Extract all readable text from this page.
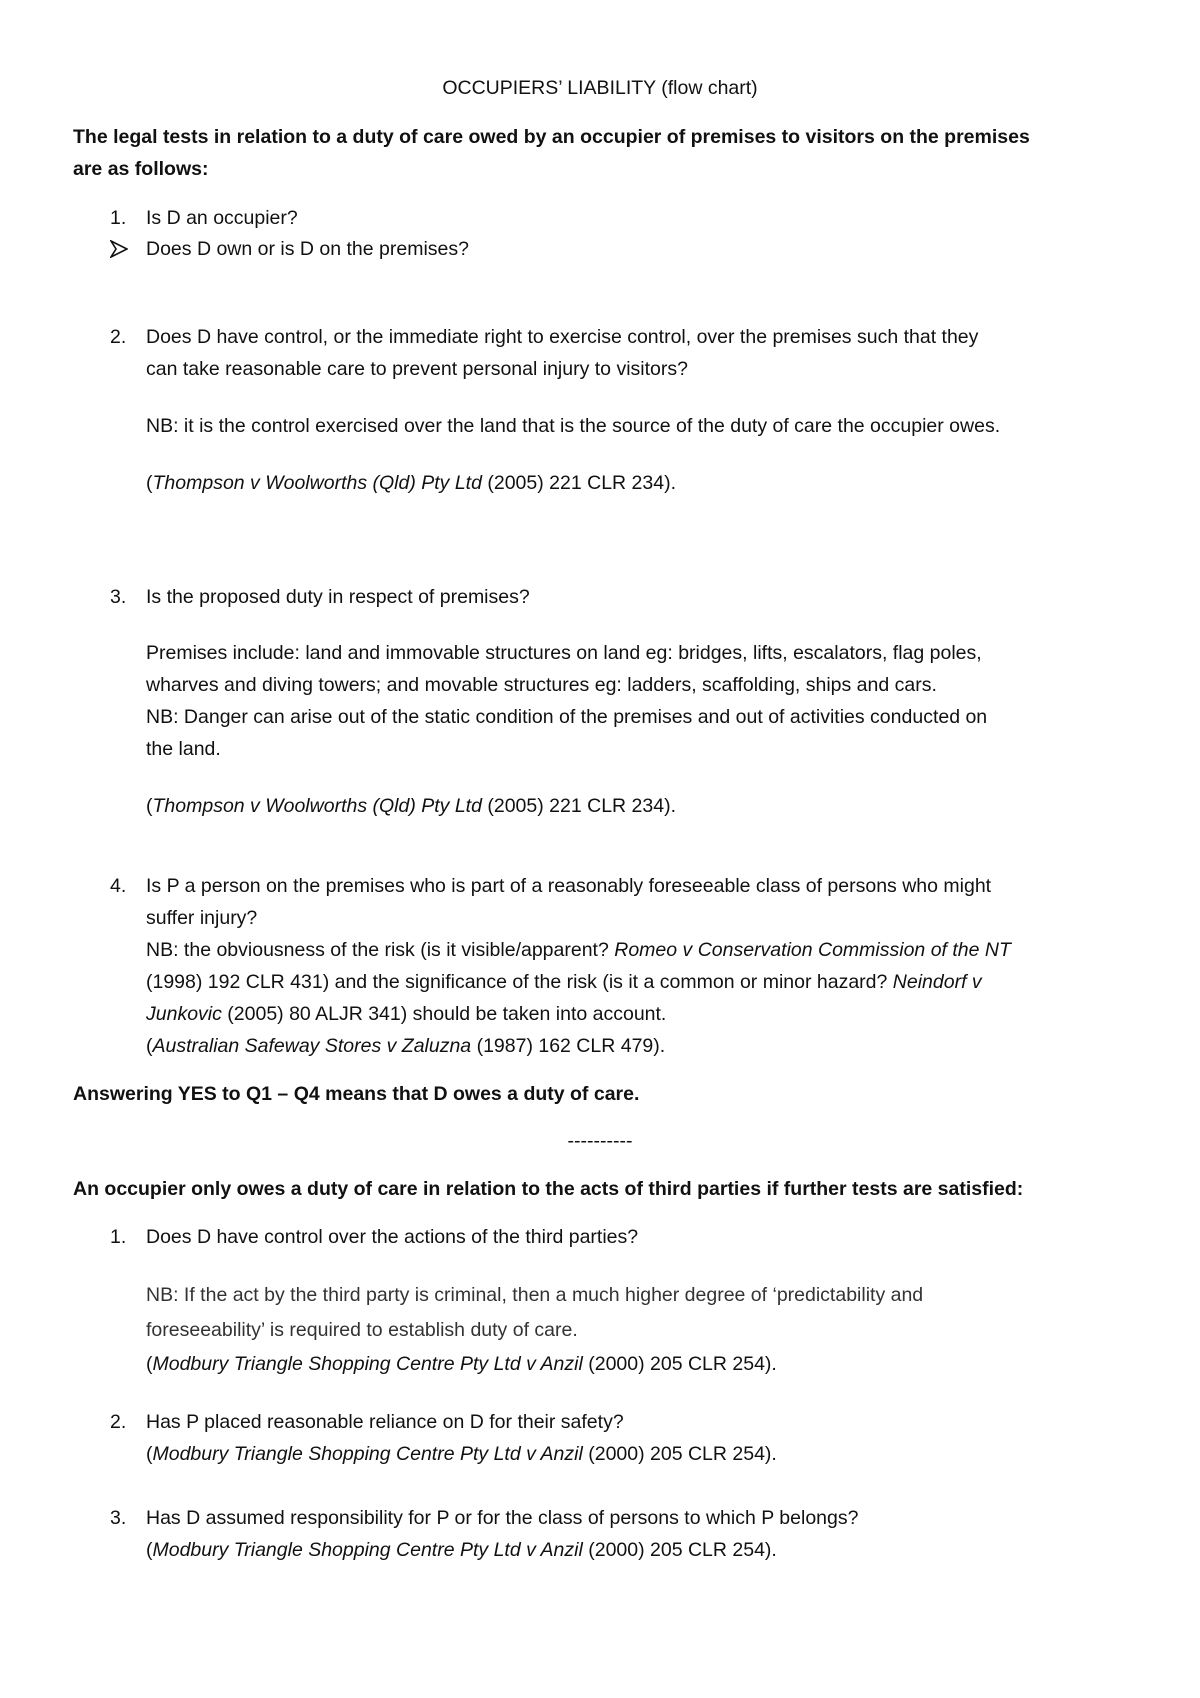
OCCUPIERS’ LIABILITY (flow chart)
The legal tests in relation to a duty of care owed by an occupier of premises to visitors on the premises
are as follows:
1. Is D an occupier?
Does D own or is D on the premises?
2. Does D have control, or the immediate right to exercise control, over the premises such that they
can take reasonable care to prevent personal injury to visitors?
NB: it is the control exercised over the land that is the source of the duty of care the occupier owes.
(Thompson v Woolworths (Qld) Pty Ltd (2005) 221 CLR 234).
3. Is the proposed duty in respect of premises?
Premises include: land and immovable structures on land eg: bridges, lifts, escalators, flag poles,
wharves and diving towers; and movable structures eg: ladders, scaffolding, ships and cars.
NB: Danger can arise out of the static condition of the premises and out of activities conducted on
the land.
(Thompson v Woolworths (Qld) Pty Ltd (2005) 221 CLR 234).
4. Is P a person on the premises who is part of a reasonably foreseeable class of persons who might
suffer injury?
NB: the obviousness of the risk (is it visible/apparent? Romeo v Conservation Commission of the NT
(1998) 192 CLR 431) and the significance of the risk (is it a common or minor hazard? Neindorf v
Junkovic (2005) 80 ALJR 341) should be taken into account.
(Australian Safeway Stores v Zaluzna (1987) 162 CLR 479).
Answering YES to Q1 – Q4 means that D owes a duty of care.
----------
An occupier only owes a duty of care in relation to the acts of third parties if further tests are satisfied:
1. Does D have control over the actions of the third parties?
NB: If the act by the third party is criminal, then a much higher degree of ‘predictability and
foreseeability’ is required to establish duty of care.
(Modbury Triangle Shopping Centre Pty Ltd v Anzil (2000) 205 CLR 254).
2. Has P placed reasonable reliance on D for their safety?
(Modbury Triangle Shopping Centre Pty Ltd v Anzil (2000) 205 CLR 254).
3. Has D assumed responsibility for P or for the class of persons to which P belongs?
(Modbury Triangle Shopping Centre Pty Ltd v Anzil (2000) 205 CLR 254).
